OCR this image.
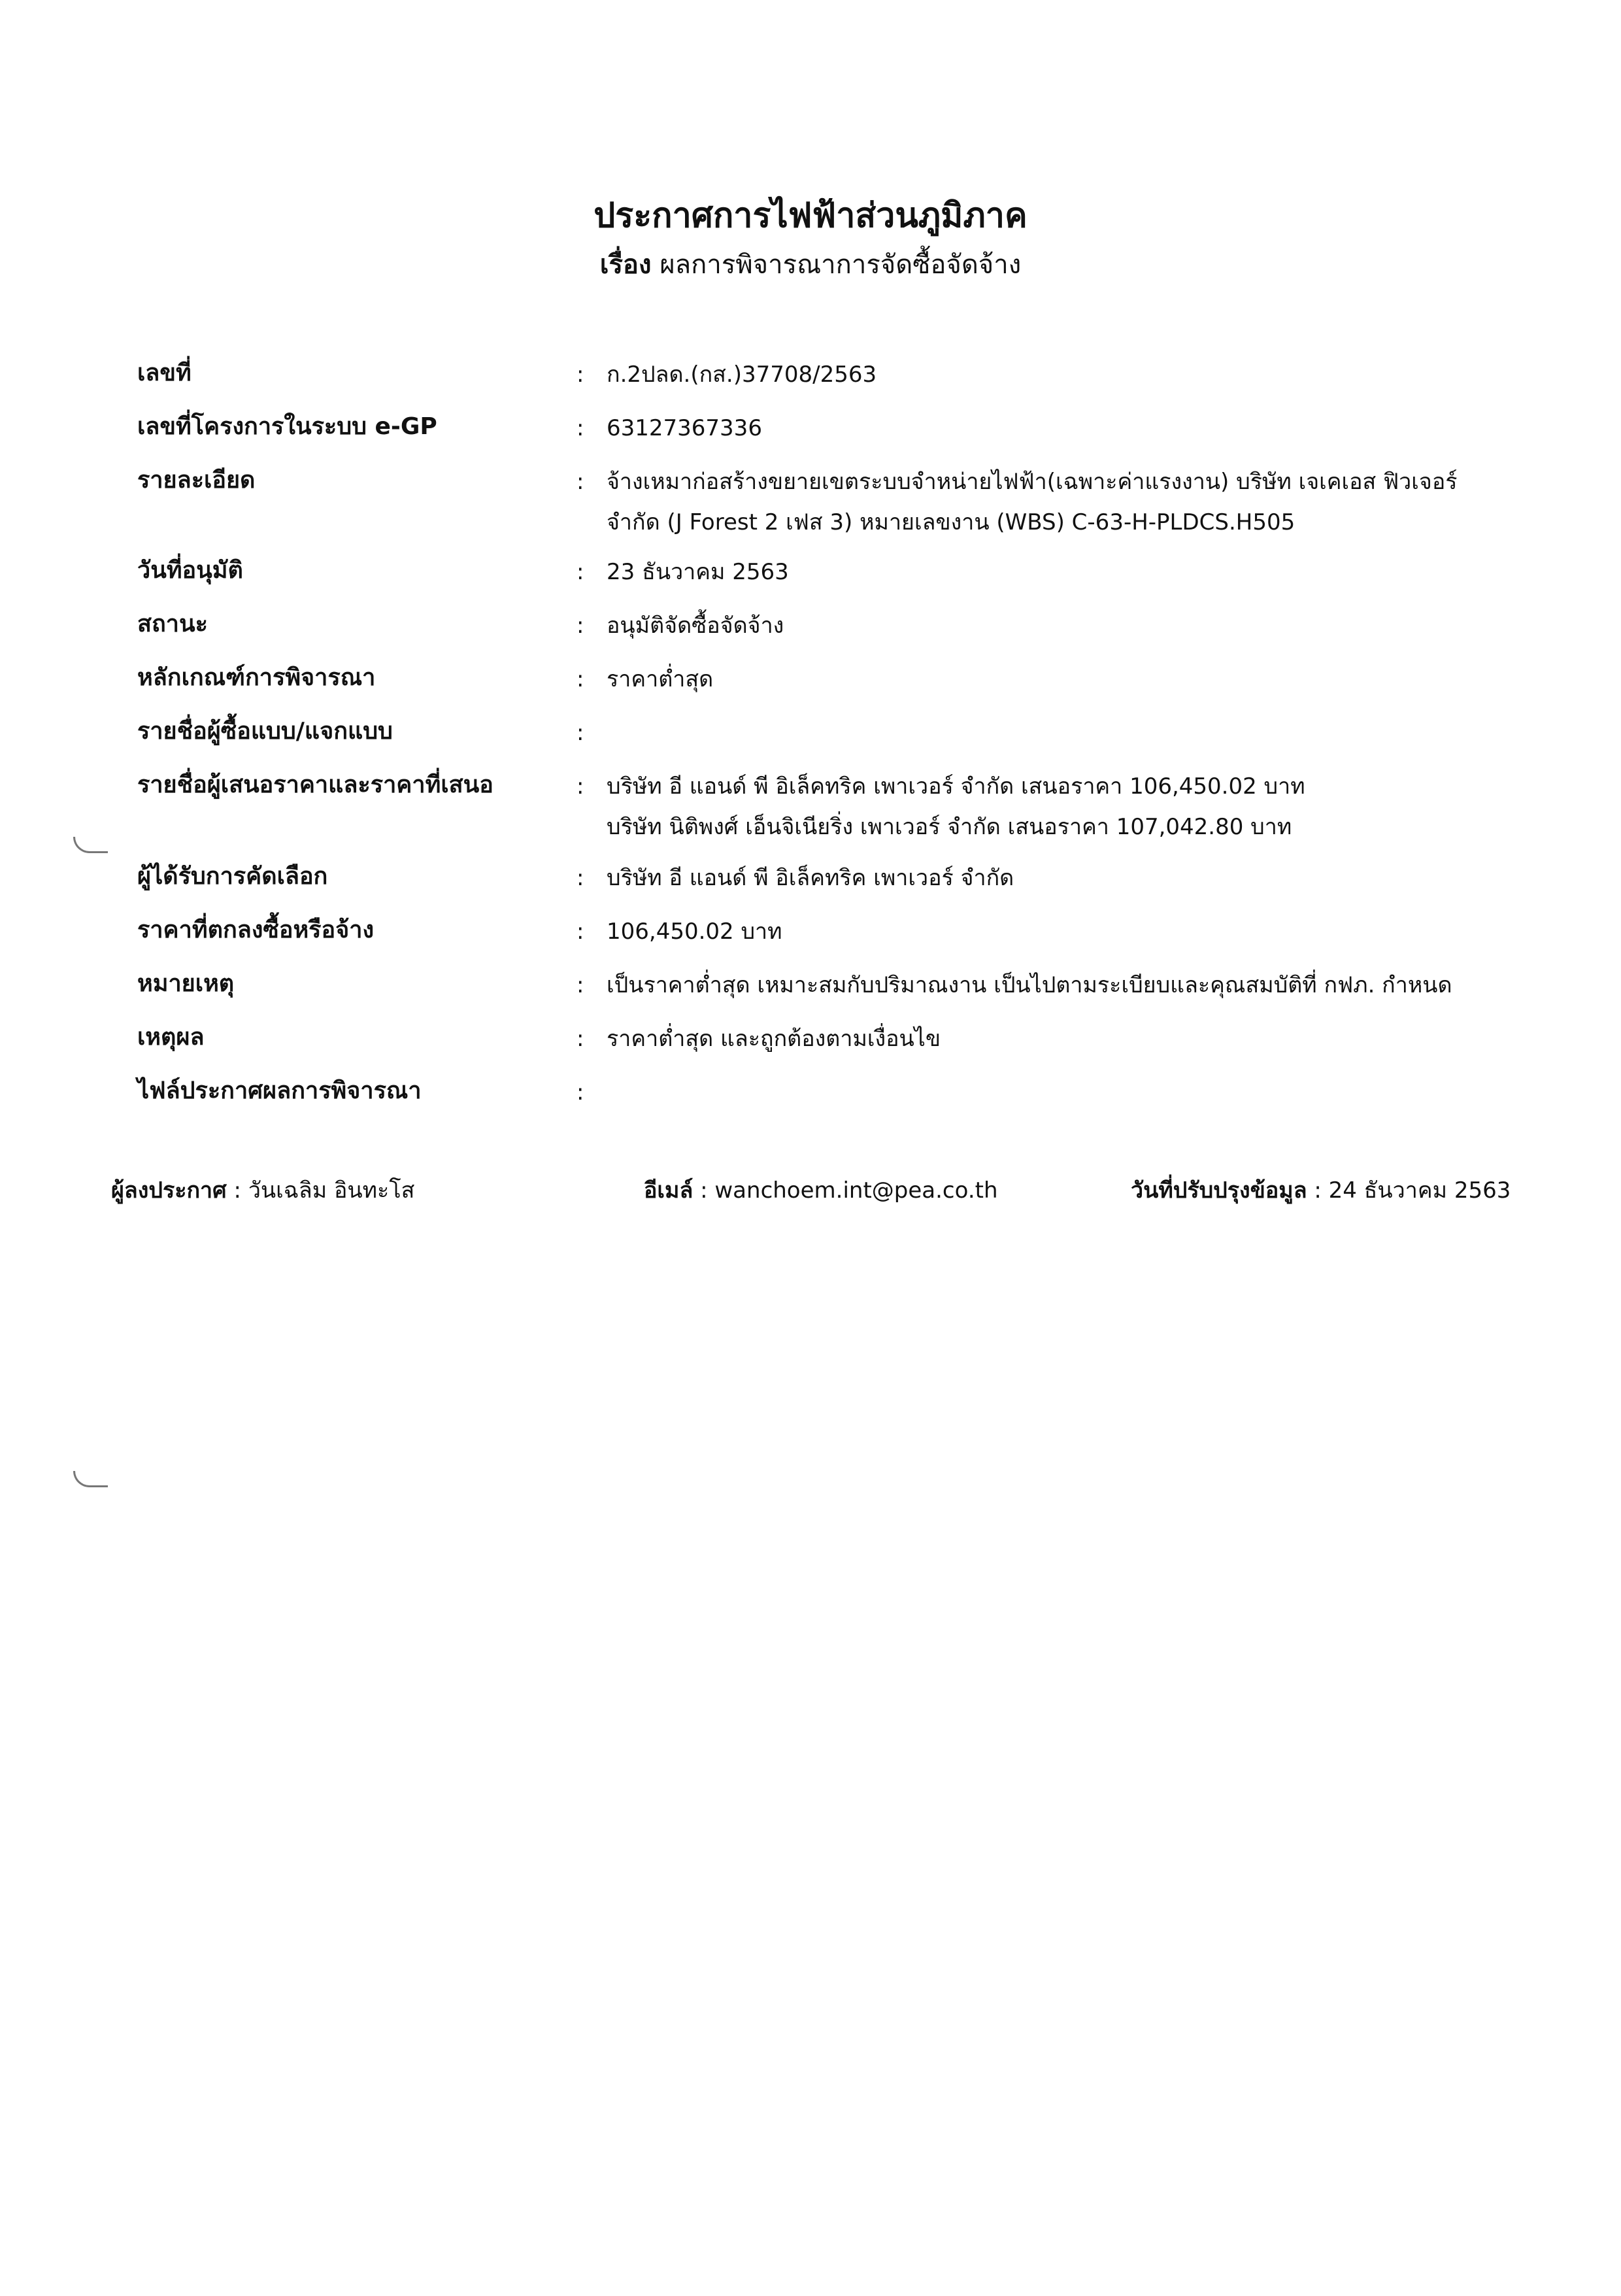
ประกาศการไฟฟ้าส่วนภูมิภาค
เรื่อง ผลการพิจารณาการจัดซื้อจัดจ้าง
เลขที่	: ก.2ปลด.(กส.)37708/2563
เลขที่โครงการในระบบ e-GP	: 63127367336
รายละเอียด	: จ้างเหมาก่อสร้างขยายเขตระบบจำหน่ายไฟฟ้า(เฉพาะค่าแรงงาน) บริษัท เจเคเอส ฟิวเจอร์
จำกัด (J Forest 2 เฟส 3) หมายเลขงาน (WBS) C-63-H-PLDCS.H505
วันที่อนุมัติ	: 23 ธันวาคม 2563
สถานะ	: อนุมัติจัดซื้อจัดจ้าง
หลักเกณฑ์การพิจารณา	: ราคาต่ำสุด
รายชื่อผู้ซื้อแบบ/แจกแบบ	:
รายชื่อผู้เสนอราคาและราคาที่เสนอ	: บริษัท อี แอนด์ พี อิเล็คทริค เพาเวอร์ จำกัด เสนอราคา 106,450.02 บาท
บริษัท นิติพงศ์ เอ็นจิเนียริ่ง เพาเวอร์ จำกัด เสนอราคา 107,042.80 บาท
ผู้ได้รับการคัดเลือก	: บริษัท อี แอนด์ พี อิเล็คทริค เพาเวอร์ จำกัด
ราคาที่ตกลงซื้อหรือจ้าง	: 106,450.02 บาท
หมายเหตุ	: เป็นราคาต่ำสุด เหมาะสมกับปริมาณงาน เป็นไปตามระเบียบและคุณสมบัติที่ กฟภ. กำหนด
เหตุผล	: ราคาต่ำสุด และถูกต้องตามเงื่อนไข
ไฟล์ประกาศผลการพิจารณา	:
ผู้ลงประกาศ : วันเฉลิม อินทะโส	อีเมล์ : wanchoem.int@pea.co.th	วันที่ปรับปรุงข้อมูล : 24 ธันวาคม 2563
